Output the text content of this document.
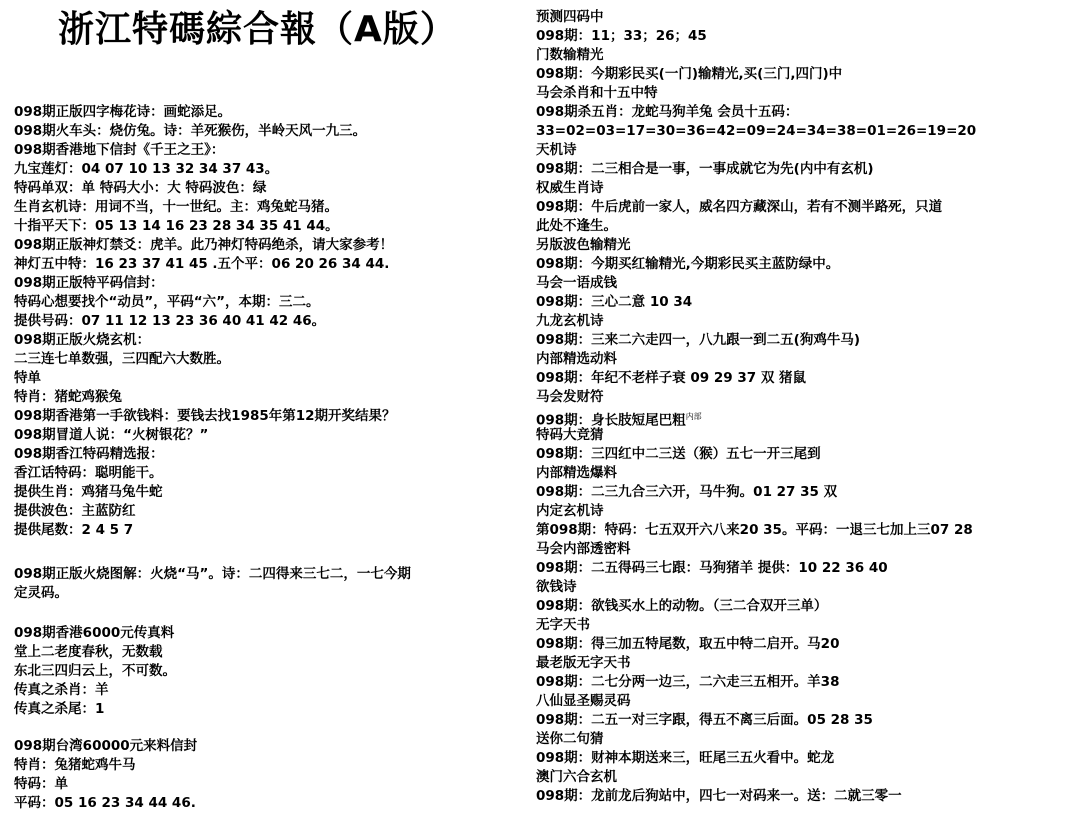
浙江特碼綜合報（A版）
098期正版四字梅花诗：画蛇添足。
098期火车头：烧仿兔。诗：羊死猴伤，半岭天风一九三。
098期香港地下信封《千王之王》：
九宝莲灯：04 07 10 13 32 34 37 43。
特码单双：单 特码大小：大 特码波色：绿
生肖玄机诗：用词不当，十一世纪。主：鸡兔蛇马猪。
十指平天下：05 13 14 16 23 28 34 35 41 44。
098期正版神灯禁爻：虎羊。此乃神灯特码绝杀，请大家参考！
神灯五中特：16 23 37 41 45 .五个平：06 20 26 34 44.
098期正版特平码信封：
特码心想要找个“动员”，平码“六”，本期：三二。
提供号码：07 11 12 13 23 36 40 41 42 46。
098期正版火烧玄机：
二三连七单数强，三四配六大数胜。
特单
特肖：猪蛇鸡猴兔
098期香港第一手欲钱料：要钱去找1985年第12期开奖结果？
098期冒道人说：“火树银花？”
098期香江特码精选报：
香江话特码：聪明能干。
提供生肖：鸡猪马兔牛蛇
提供波色：主蓝防红
提供尾数：2 4 5 7
098期正版火烧图解：火烧“马”。诗：二四得来三七二，一七今期
定灵码。
098期香港6000元传真料
堂上二老度春秋，无数载
东北三四归云上，不可数。
传真之杀肖：羊
传真之杀尾：1
098期台湾60000元来料信封
特肖：兔猪蛇鸡牛马
特码：单
平码：05 16 23 34 44 46.
预测四码中
098期：11；33；26；45
门数输精光
098期：今期彩民买(一门)输精光,买(三门,四门)中
马会杀肖和十五中特
098期杀五肖：龙蛇马狗羊兔 会员十五码：
33=02=03=17=30=36=42=09=24=34=38=01=26=19=20
天机诗
098期：二三相合是一事，一事成就它为先(内中有玄机)
权威生肖诗
098期：牛后虎前一家人，威名四方藏深山，若有不测半路死，只道
此处不逢生。
另版波色输精光
098期：今期买红输精光,今期彩民买主蓝防绿中。
马会一语成钱
098期：三心二意 10 34
九龙玄机诗
098期：三来二六走四一，八九跟一到二五(狗鸡牛马)
内部精选动料
098期：年纪不老样子衰 09 29 37 双 猪鼠
马会发财符
098期：身长肢短尾巴粗$^{内部}$
特码大竞猜
098期：三四红中二三送（猴）五七一开三尾到
内部精选爆料
098期：二三九合三六开，马牛狗。01 27 35 双
内定玄机诗
第098期：特码：七五双开六八来20 35。平码：一退三七加上三07 28
马会内部透密料
098期：二五得码三七跟：马狗猪羊 提供：10 22 36 40
欲钱诗
098期：欲钱买水上的动物。（三二合双开三单）
无字天书
098期：得三加五特尾数，取五中特二启开。马20
最老版无字天书
098期：二七分两一边三，二六走三五相开。羊38
八仙显圣赐灵码
098期：二五一对三字跟，得五不离三后面。05 28 35
送你二句猜
098期：财神本期送来三，旺尾三五火看中。蛇龙
澳门六合玄机
098期：龙前龙后狗站中，四七一对码来一。送：二就三零一
